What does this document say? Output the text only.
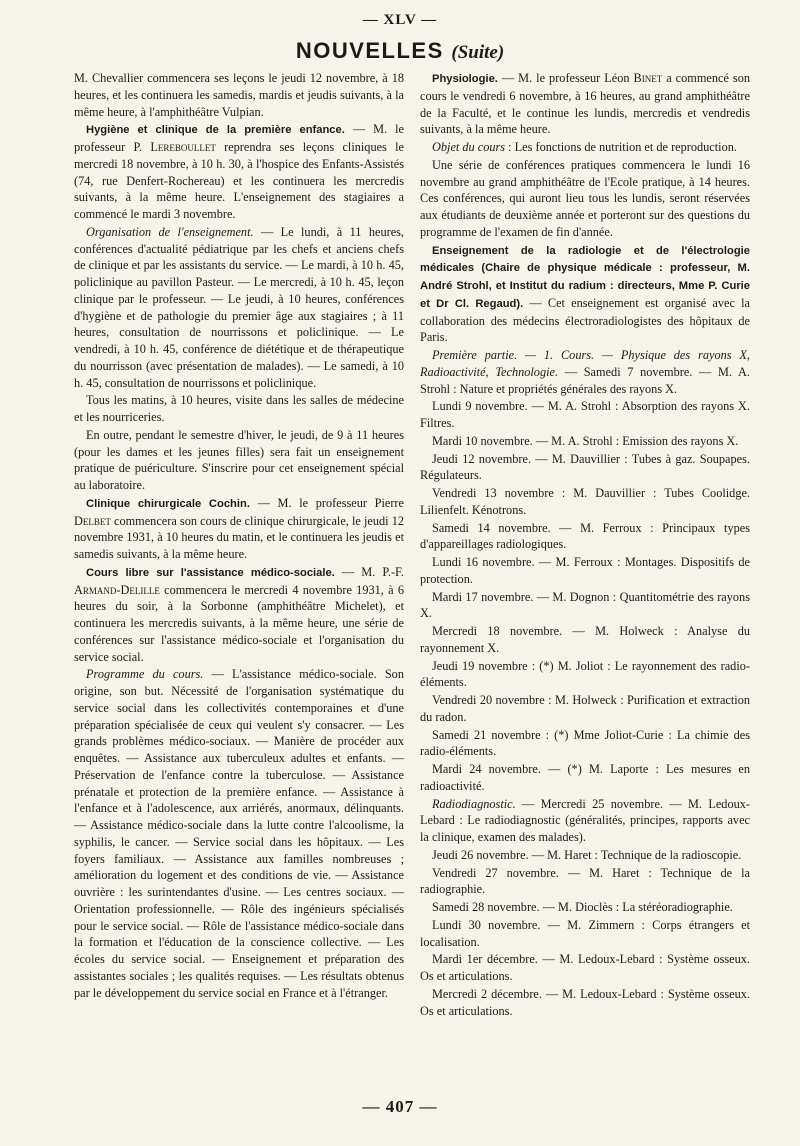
— XLV —
NOUVELLES (Suite)

M. Chevallier commencera ses leçons le jeudi 12 novembre, à 18 heures, et les continuera les samedis, mardis et jeudis suivants, à la même heure, à l'amphithéâtre Vulpian.

Hygiène et clinique de la première enfance. — M. le professeur P. Lereboullet reprendra ses leçons cliniques le mercredi 18 novembre, à 10 h. 30, à l'hospice des Enfants-Assistés (74, rue Denfert-Rochereau) et les continuera les mercredis suivants, à la même heure. L'enseignement des stagiaires a commencé le mardi 3 novembre.

Organisation de l'enseignement. — Le lundi, à 11 heures, conférences d'actualité pédiatrique par les chefs et anciens chefs de clinique et par les assistants du service. — Le mardi, à 10 h. 45, policlinique au pavillon Pasteur. — Le mercredi, à 10 h. 45, leçon clinique par le professeur. — Le jeudi, à 10 heures, conférences d'hygiène et de pathologie du premier âge aux stagiaires ; à 11 heures, consultation de nourrissons et policlinique. — Le vendredi, à 10 h. 45, conférence de diététique et de thérapeutique du nourrisson (avec présentation de malades). — Le samedi, à 10 h. 45, consultation de nourrissons et policlinique.

Tous les matins, à 10 heures, visite dans les salles de médecine et les nourriceries.

En outre, pendant le semestre d'hiver, le jeudi, de 9 à 11 heures (pour les dames et les jeunes filles) sera fait un enseignement pratique de puériculture. S'inscrire pour cet enseignement spécial au laboratoire.

Clinique chirurgicale Cochin. — M. le professeur Pierre Delbet commencera son cours de clinique chirurgicale, le jeudi 12 novembre 1931, à 10 heures du matin, et le continuera les jeudis et samedis suivants, à la même heure.

Cours libre sur l'assistance médico-sociale. — M. P.-F. Armand-Delille commencera le mercredi 4 novembre 1931, à 6 heures du soir, à la Sorbonne (amphithéâtre Michelet), et continuera les mercredis suivants, à la même heure, une série de conférences sur l'assistance médico-sociale et l'organisation du service social.

Programme du cours. — L'assistance médico-sociale. Son origine, son but. Nécessité de l'organisation systématique du service social dans les collectivités contemporaines et d'une préparation spécialisée de ceux qui veulent s'y consacrer. — Les grands problèmes médico-sociaux. — Manière de procéder aux enquêtes. — Assistance aux tuberculeux adultes et enfants. — Préservation de l'enfance contre la tuberculose. — Assistance prénatale et protection de la première enfance. — Assistance à l'enfance et à l'adolescence, aux arriérés, anormaux, délinquants. — Assistance médico-sociale dans la lutte contre l'alcoolisme, la syphilis, le cancer. — Service social dans les hôpitaux. — Les foyers familiaux. — Assistance aux familles nombreuses ; amélioration du logement et des conditions de vie. — Assistance ouvrière : les surintendantes d'usine. — Les centres sociaux. — Orientation professionnelle. — Rôle des ingénieurs spécialisés pour le service social. — Rôle de l'assistance médico-sociale dans la formation et l'éducation de la conscience collective. — Les écoles du service social. — Enseignement et préparation des assistantes sociales ; les qualités requises. — Les résultats obtenus par le développement du service social en France et à l'étranger.

Physiologie. — M. le professeur Léon Binet a commencé son cours le vendredi 6 novembre, à 16 heures, au grand amphithéâtre de la Faculté, et le continue les lundis, mercredis et vendredis suivants, à la même heure.

Objet du cours : Les fonctions de nutrition et de reproduction.

Une série de conférences pratiques commencera le lundi 16 novembre au grand amphithéâtre de l'Ecole pratique, à 14 heures. Ces conférences, qui auront lieu tous les lundis, seront réservées aux étudiants de deuxième année et porteront sur des questions du programme de l'examen de fin d'année.

Enseignement de la radiologie et de l'électrologie médicales (Chaire de physique médicale : professeur, M. André Strohl, et Institut du radium : directeurs, Mme P. Curie et Dr Cl. Regaud). — Cet enseignement est organisé avec la collaboration des médecins électroradiologistes des hôpitaux de Paris.

Première partie. — 1. Cours. — Physique des rayons X, Radioactivité, Technologie. — Samedi 7 novembre. — M. A. Strohl : Nature et propriétés générales des rayons X.

Lundi 9 novembre. — M. A. Strohl : Absorption des rayons X. Filtres.

Mardi 10 novembre. — M. A. Strohl : Emission des rayons X.

Jeudi 12 novembre. — M. Dauvillier : Tubes à gaz. Soupapes. Régulateurs.

Vendredi 13 novembre : M. Dauvillier : Tubes Coolidge. Lilienfelt. Kénotrons.

Samedi 14 novembre. — M. Ferroux : Principaux types d'appareillages radiologiques.

Lundi 16 novembre. — M. Ferroux : Montages. Dispositifs de protection.

Mardi 17 novembre. — M. Dognon : Quantitométrie des rayons X.

Mercredi 18 novembre. — M. Holweck : Analyse du rayonnement X.

Jeudi 19 novembre : (*) M. Joliot : Le rayonnement des radio-éléments.

Vendredi 20 novembre : M. Holweck : Purification et extraction du radon.

Samedi 21 novembre : (*) Mme Joliot-Curie : La chimie des radio-éléments.

Mardi 24 novembre. — (*) M. Laporte : Les mesures en radioactivité.

Radiodiagnostic. — Mercredi 25 novembre. — M. Ledoux-Lebard : Le radiodiagnostic (généralités, principes, rapports avec la clinique, examen des malades).

Jeudi 26 novembre. — M. Haret : Technique de la radioscopie.

Vendredi 27 novembre. — M. Haret : Technique de la radiographie.

Samedi 28 novembre. — M. Dioclès : La stéréoradiographie.

Lundi 30 novembre. — M. Zimmern : Corps étrangers et localisation.

Mardi 1er décembre. — M. Ledoux-Lebard : Système osseux. Os et articulations.

Mercredi 2 décembre. — M. Ledoux-Lebard : Système osseux. Os et articulations.

— 407 —
